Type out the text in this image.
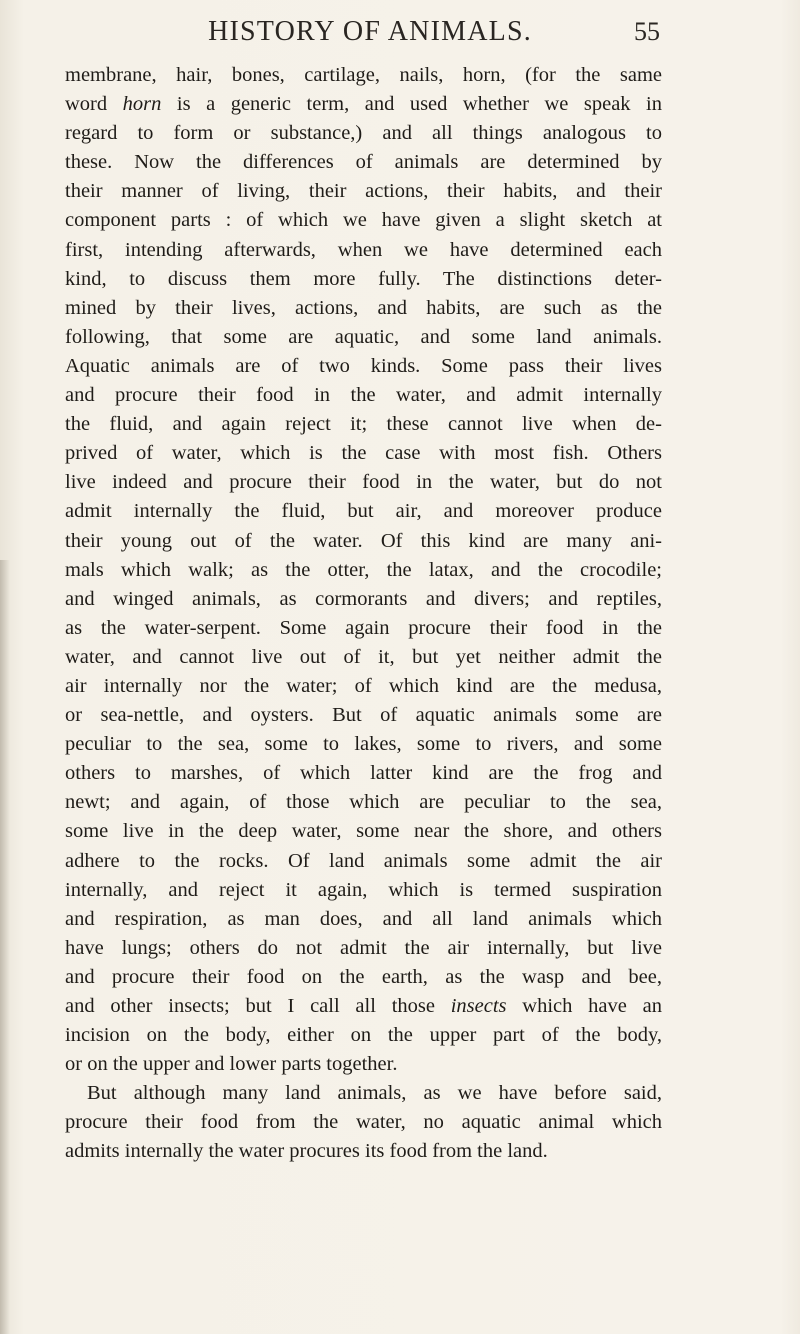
HISTORY OF ANIMALS.	55
membrane, hair, bones, cartilage, nails, horn, (for the same
word horn is a generic term, and used whether we speak in
regard to form or substance,) and all things analogous to
these. Now the differences of animals are determined by
their manner of living, their actions, their habits, and their
component parts : of which we have given a slight sketch at
first, intending afterwards, when we have determined each
kind, to discuss them more fully. The distinctions deter-
mined by their lives, actions, and habits, are such as the
following, that some are aquatic, and some land animals.
Aquatic animals are of two kinds. Some pass their lives
and procure their food in the water, and admit internally
the fluid, and again reject it; these cannot live when de-
prived of water, which is the case with most fish. Others
live indeed and procure their food in the water, but do not
admit internally the fluid, but air, and moreover produce
their young out of the water. Of this kind are many ani-
mals which walk; as the otter, the latax, and the crocodile;
and winged animals, as cormorants and divers; and reptiles,
as the water-serpent. Some again procure their food in the
water, and cannot live out of it, but yet neither admit the
air internally nor the water; of which kind are the medusa,
or sea-nettle, and oysters. But of aquatic animals some are
peculiar to the sea, some to lakes, some to rivers, and some
others to marshes, of which latter kind are the frog and
newt; and again, of those which are peculiar to the sea,
some live in the deep water, some near the shore, and others
adhere to the rocks. Of land animals some admit the air
internally, and reject it again, which is termed suspiration
and respiration, as man does, and all land animals which
have lungs; others do not admit the air internally, but live
and procure their food on the earth, as the wasp and bee,
and other insects; but I call all those insects which have an
incision on the body, either on the upper part of the body,
or on the upper and lower parts together.
But although many land animals, as we have before said,
procure their food from the water, no aquatic animal which
admits internally the water procures its food from the land.
